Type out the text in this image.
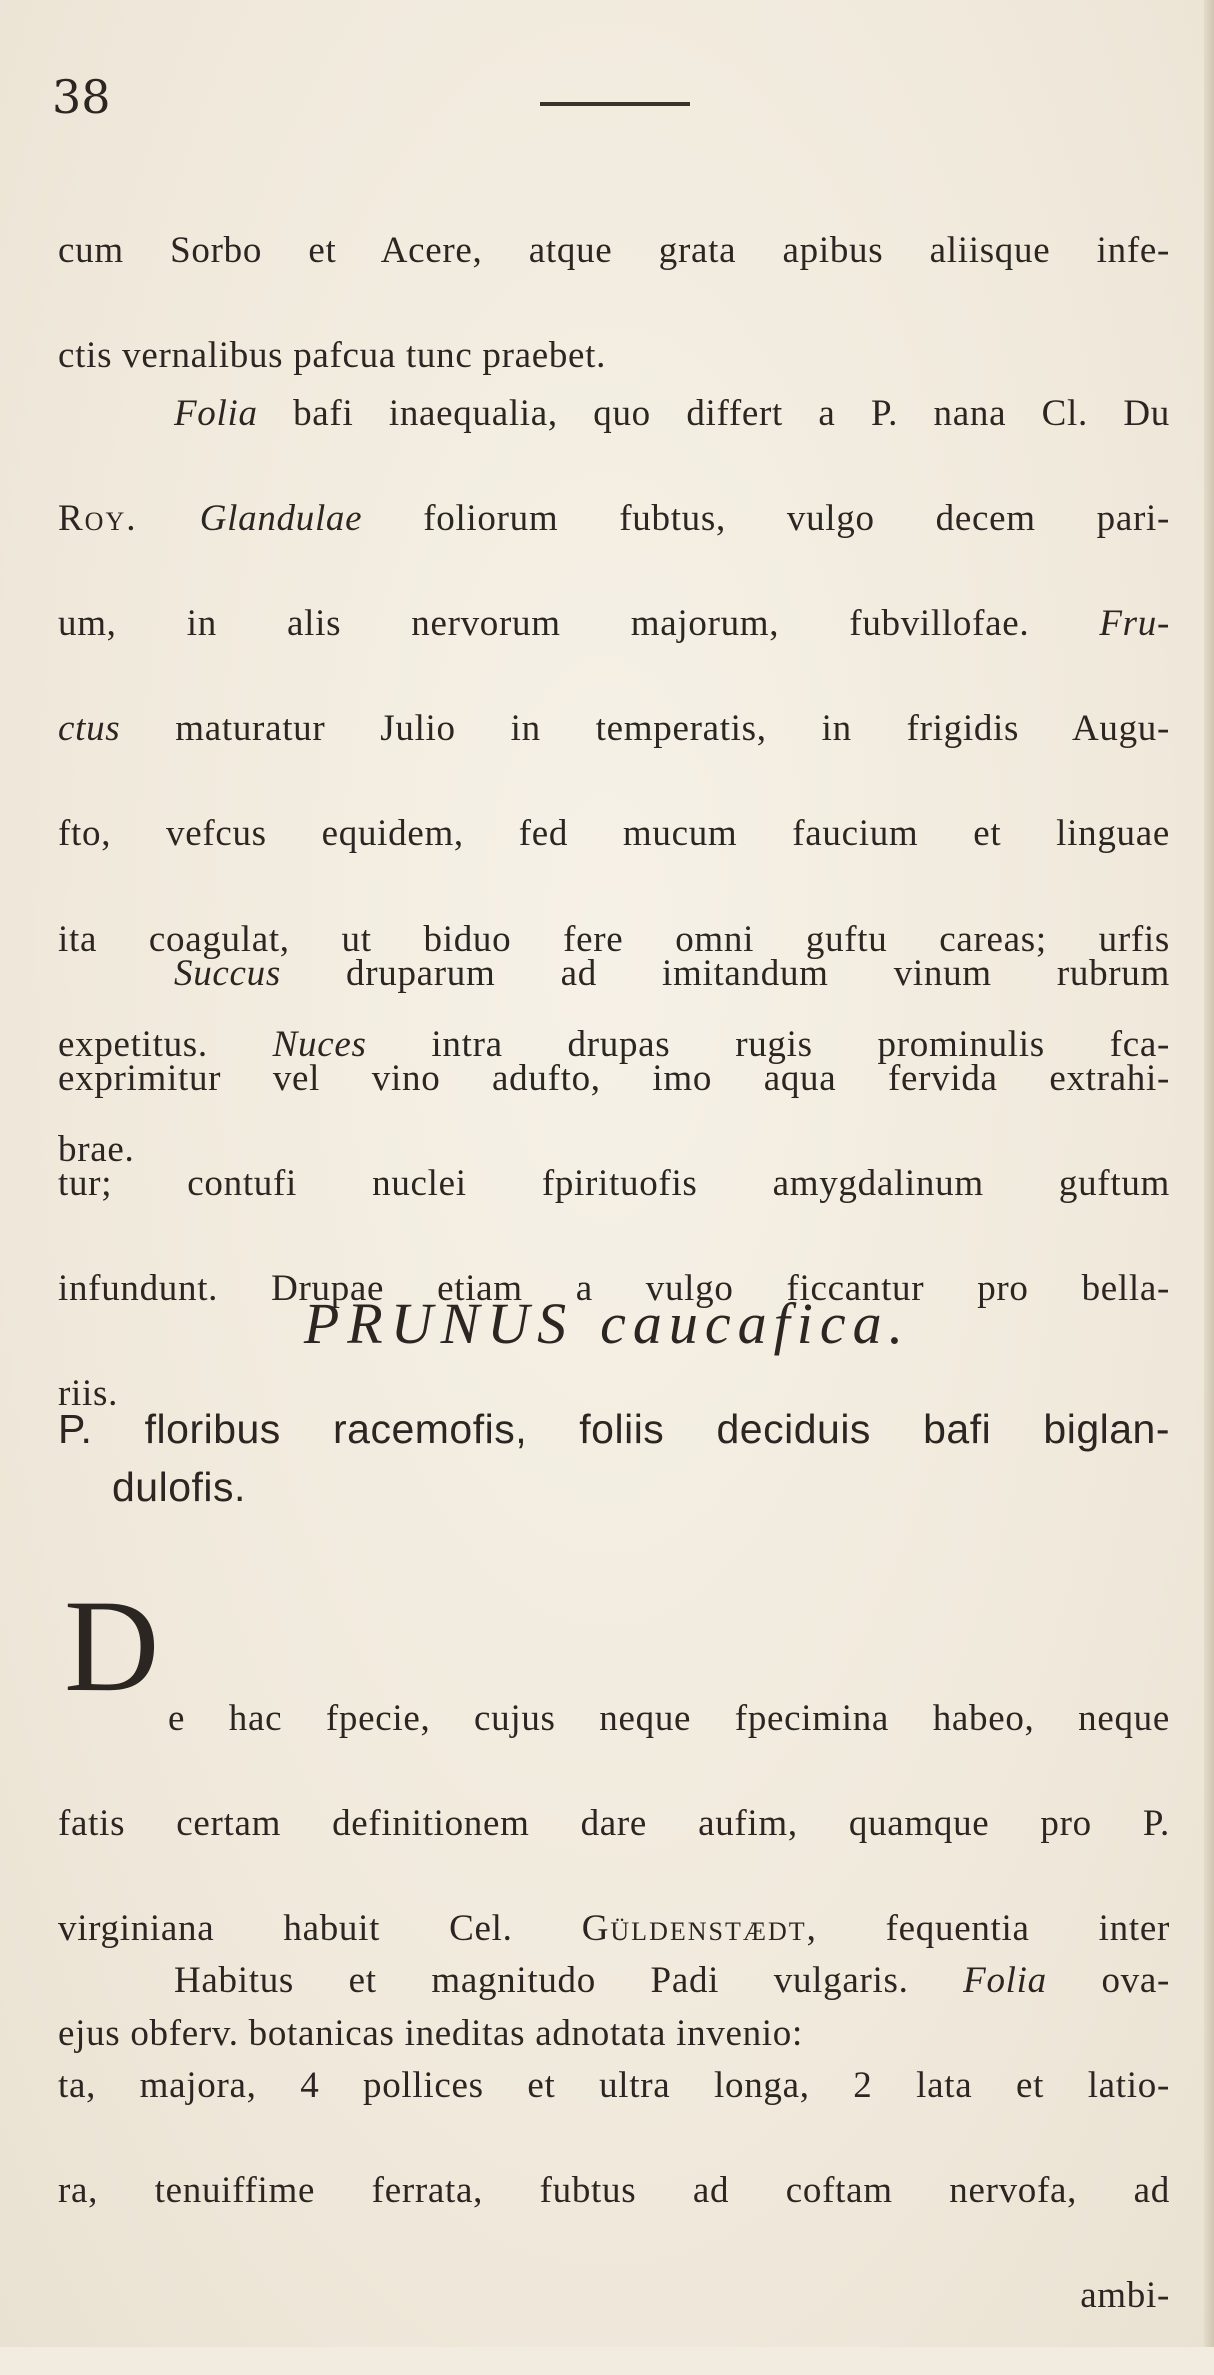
38

cum Sorbo et Acere, atque grata apibus aliisque infe-

ctis vernalibus pafcua tunc praebet.

Folia bafi inaequalia, quo differt a P. nana Cl. Du

Roy. Glandulae foliorum fubtus, vulgo decem pari-

um, in alis nervorum majorum, fubvillofae. Fru-

ctus maturatur Julio in temperatis, in frigidis Augu-

fto, vefcus equidem, fed mucum faucium et linguae

ita coagulat, ut biduo fere omni guftu careas; urfis

expetitus. Nuces intra drupas rugis prominulis fca-

brae.

Succus druparum ad imitandum vinum rubrum

exprimitur vel vino adufto, imo aqua fervida extrahi-

tur; contufi nuclei fpirituofis amygdalinum guftum

infundunt. Drupae etiam a vulgo ficcantur pro bella-

riis.

PRUNUS caucafica.
P. floribus racemofis, foliis deciduis bafi biglan-
dulofis.
D e hac fpecie, cujus neque fpecimina habeo, neque

fatis certam definitionem dare aufim, quamque pro P.

virginiana habuit Cel. Güldenstædt, fequentia inter

ejus obferv. botanicas ineditas adnotata invenio:

Habitus et magnitudo Padi vulgaris. Folia ova-

ta, majora, 4 pollices et ultra longa, 2 lata et latio-

ra, tenuiffime ferrata, fubtus ad coftam nervofa, ad

ambi-
